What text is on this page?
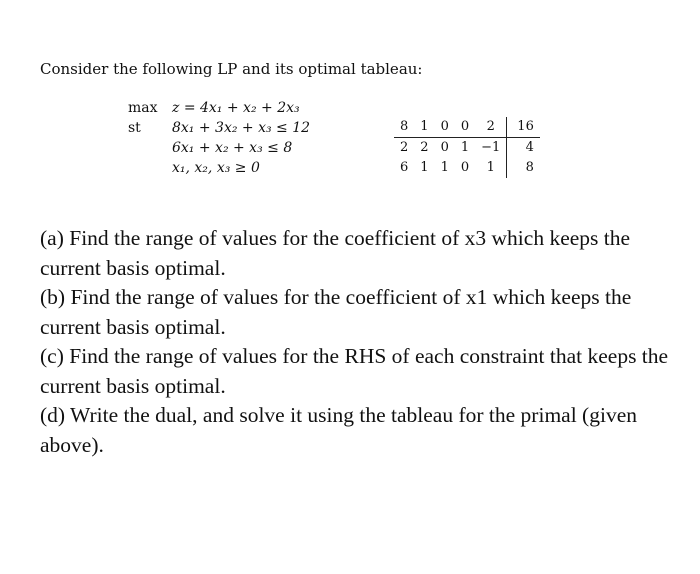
Consider the following LP and its optimal tableau:
max	z = 4x₁ + x₂ + 2x₃
st	8x₁ + 3x₂ + x₃ ≤ 12
6x₁ + x₂ + x₃ ≤ 8
x₁, x₂, x₃ ≥ 0
8	1	0	0	2	16
2	2	0	1	−1	4
6	1	1	0	1	8

(a) Find the range of values for the coefficient of x3 which keeps the current basis optimal.

(b) Find the range of values for the coefficient of x1 which keeps the current basis optimal.

(c) Find the range of values for the RHS of each constraint that keeps the current basis optimal.

(d) Write the dual, and solve it using the tableau for the primal (given above).
